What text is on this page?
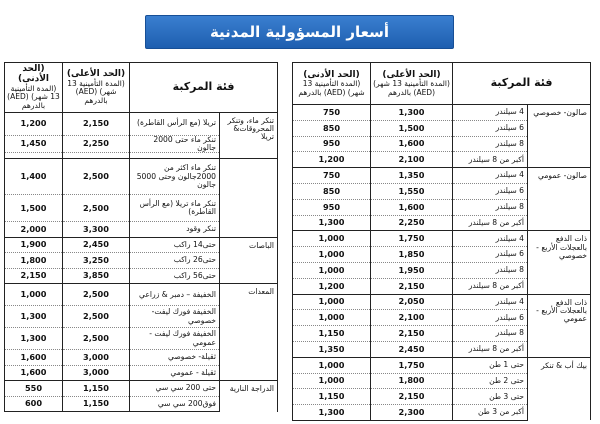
أسعار المسؤولية المدنية
فئة المركبة		(الحد الأعلى)
(المدة التأمينية 13 شهر) (AED) بالدرهم	(الحد الأدنى)
(المدة التأمينية 13 شهر) (AED) بالدرهم
صالون- خصوصي	4 سيلندر	1,300	750
	6 سيلندر	1,500	850
	8 سيلندر	1,600	950
	أكبر من 8 سيلندر	2,100	1,200
صالون- عمومي	4 سيلندر	1,350	750
	6 سيلندر	1,550	850
	8 سيلندر	1,600	950
	أكبر من 8 سيلندر	2,250	1,300
ذات الدفع بالعجلات الأربع - خصوصي	4 سيلندر	1,750	1,000
	6 سيلندر	1,850	1,000
	8 سيلندر	1,950	1,000
	أكبر من 8 سيلندر	2,150	1,200
ذات الدفع بالعجلات الأربع - عمومي	4 سيلندر	2,050	1,000
	6 سيلندر	2,100	1,000
	8 سيلندر	2,150	1,150
	أكبر من 8 سيلندر	2,450	1,350
بيك أب & تنكر	حتى 1 طن	1,750	1,000
	حتى 2 طن	1,800	1,000
	حتى 3 طن	2,150	1,150
	أكبر من 3 طن	2,300	1,300
فئة المركبة		(الحد الأعلى)
(المدة التأمينية 13 شهر) (AED) بالدرهم	(الحد الأدنى)
(المدة التأمينية 13 شهر) (AED) بالدرهم
تنكر ماء، وتنكر المحروقات& تريلا	تريلا (مع الرأس القاطرة)	2,150	1,200
	تنكر ماء حتى 2000 جالون	2,250	1,450

	تنكر ماء اكثر من 2000جالون وحتى 5000 جالون	2,500	1,400
	تنكر ماء تريلا (مع الرأس القاطرة)	2,500	1,500
	تنكر وقود	3,300	2,000
الباصات	حتى14 راكب	2,450	1,900
	حتى26 راكب	3,250	1,800
	حتى56 راكب	3,850	2,150
المعدات	الخفيفة – دمبر & زراعي	2,500	1,000
	الخفيفة فورك ليفت-خصوصي	2,500	1,300
	الخفيفة فورك ليفت - عمومي	2,500	1,300
	ثقيلة- خصوصي	3,000	1,600
	ثقيلة - عمومي	3,000	1,600
الدراجة النارية	حتى 200 سي سي	1,150	550
	فوق200 سي سي	1,150	600
